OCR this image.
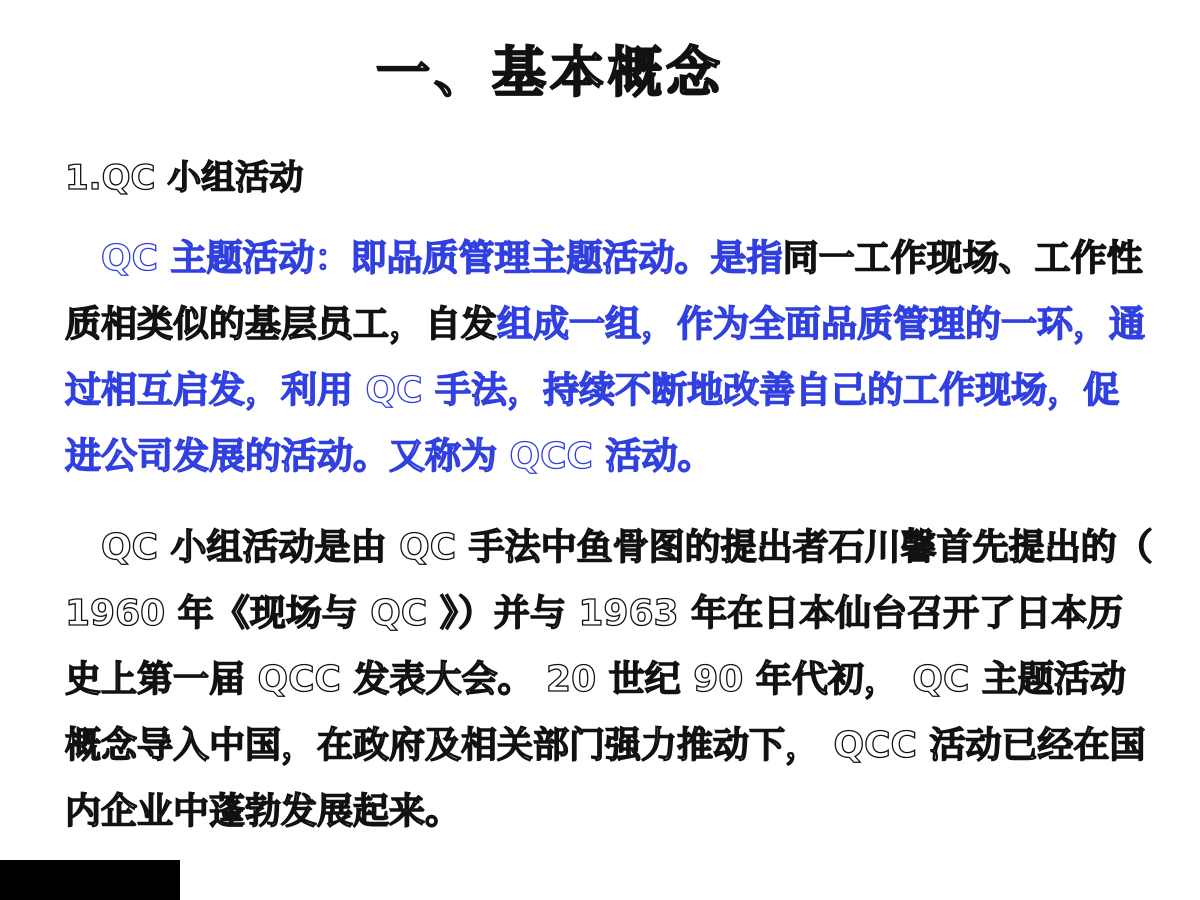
一、基本概念
1.QC 小组活动

QC 主题活动：即品质管理主题活动。是指同一工作现场、工作性质相类似的基层员工，自发组成一组，作为全面品质管理的一环，通过相互启发，利用 QC 手法，持续不断地改善自己的工作现场，促进公司发展的活动。又称为 QCC 活动。

QC 小组活动是由 QC 手法中鱼骨图的提出者石川馨首先提出的（ 1960 年《现场与 QC 》）并与 1963 年在日本仙台召开了日本历史上第一届 QCC 发表大会。 20 世纪 90 年代初， QC 主题活动概念导入中国，在政府及相关部门强力推动下， QCC 活动已经在国内企业中蓬勃发展起来。
